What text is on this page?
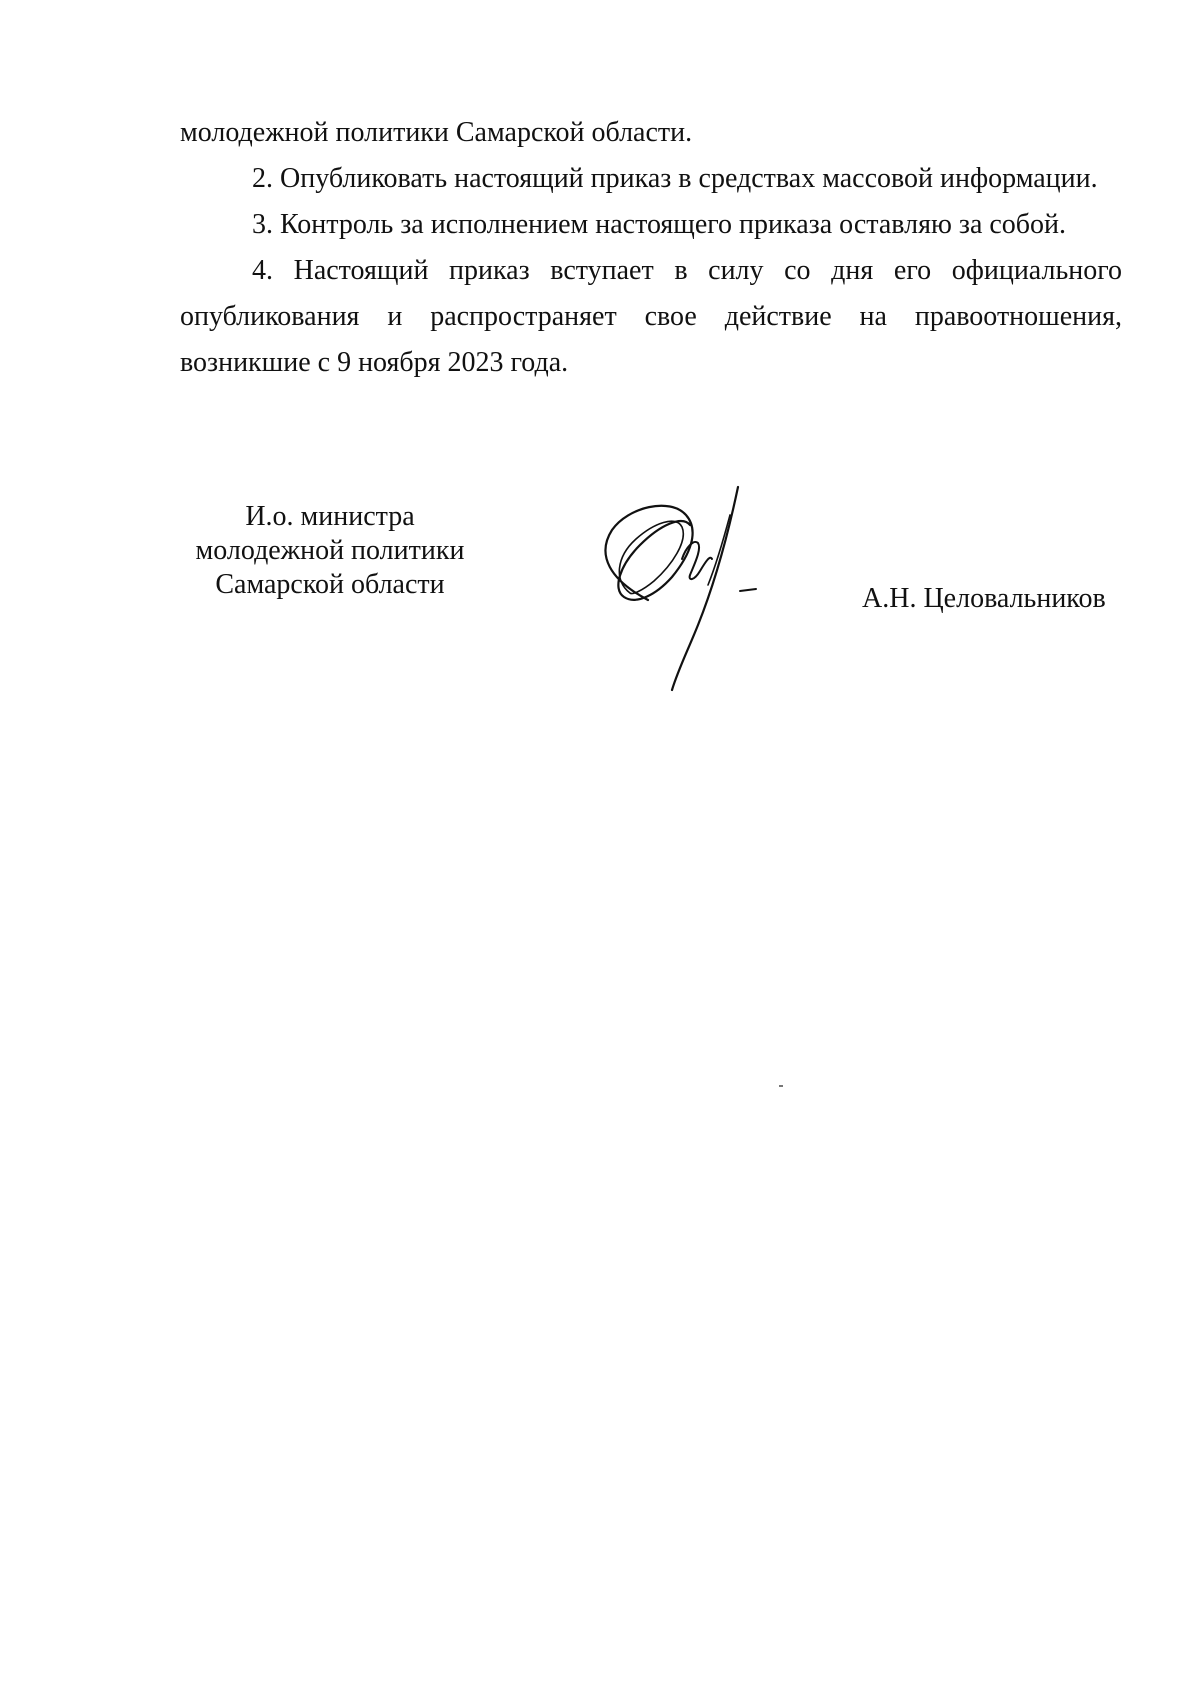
молодежной политики Самарской области.

2. Опубликовать настоящий приказ в средствах массовой информации.

3. Контроль за исполнением настоящего приказа оставляю за собой.

4. Настоящий приказ вступает в силу со дня его официального опубликования и распространяет свое действие на правоотношения, возникшие с 9 ноября 2023 года.

И.о. министра
молодежной политики
Самарской области	А.Н. Целовальников
